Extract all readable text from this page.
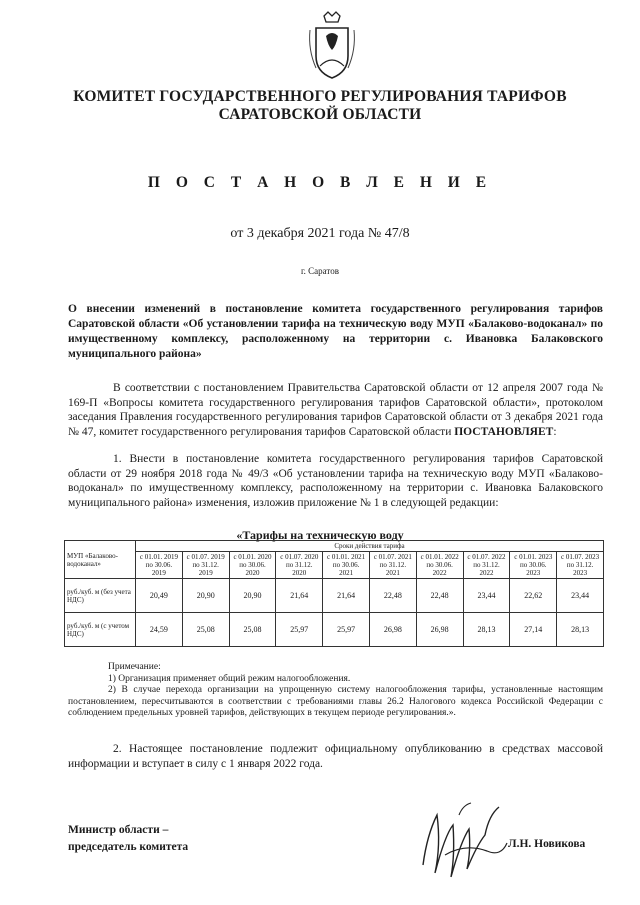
КОМИТЕТ ГОСУДАРСТВЕННОГО РЕГУЛИРОВАНИЯ ТАРИФОВ
САРАТОВСКОЙ ОБЛАСТИ
П О С Т А Н О В Л Е Н И Е
от 3 декабря 2021 года № 47/8
г. Саратов
О внесении изменений в постановление комитета государственного регулирования тарифов Саратовской области «Об установлении тарифа на техническую воду МУП «Балаково-водоканал» по имущественному комплексу, расположенному на территории с. Ивановка Балаковского муниципального района»
В соответствии с постановлением Правительства Саратовской области от 12 апреля 2007 года № 169-П «Вопросы комитета государственного регулирования тарифов Саратовской области», протоколом заседания Правления государственного регулирования тарифов Саратовской области от 3 декабря 2021 года № 47, комитет государственного регулирования тарифов Саратовской области ПОСТАНОВЛЯЕТ:
1. Внести в постановление комитета государственного регулирования тарифов Саратовской области от 29 ноября 2018 года № 49/3 «Об установлении тарифа на техническую воду МУП «Балаково-водоканал» по имущественному комплексу, расположенному на территории с. Ивановка Балаковского муниципального района» изменения, изложив приложение № 1 в следующей редакции:
«Тарифы на техническую воду
МУП «Балаково-водоканал»	Сроки действия тарифа									
	с 01.01. 2019 по 30.06. 2019	с 01.07. 2019 по 31.12. 2019	с 01.01. 2020 по 30.06. 2020	с 01.07. 2020 по 31.12. 2020	с 01.01. 2021 по 30.06. 2021	с 01.07. 2021 по 31.12. 2021	с 01.01. 2022 по 30.06. 2022	с 01.07. 2022 по 31.12. 2022	с 01.01. 2023 по 30.06. 2023	с 01.07. 2023 по 31.12. 2023
руб./куб. м (без учета НДС)	20,49	20,90	20,90	21,64	21,64	22,48	22,48	23,44	22,62	23,44
руб./куб. м (с учетом НДС)	24,59	25,08	25,08	25,97	25,97	26,98	26,98	28,13	27,14	28,13
Примечание:
1) Организация применяет общий режим налогообложения.
2) В случае перехода организации на упрощенную систему налогообложения тарифы, установленные настоящим постановлением, пересчитываются в соответствии с требованиями главы 26.2 Налогового кодекса Российской Федерации с соблюдением предельных уровней тарифов, действующих в текущем периоде регулирования.».
2. Настоящее постановление подлежит официальному опубликованию в средствах массовой информации и вступает в силу с 1 января 2022 года.
Министр области –
председатель комитета	Л.Н. Новикова
